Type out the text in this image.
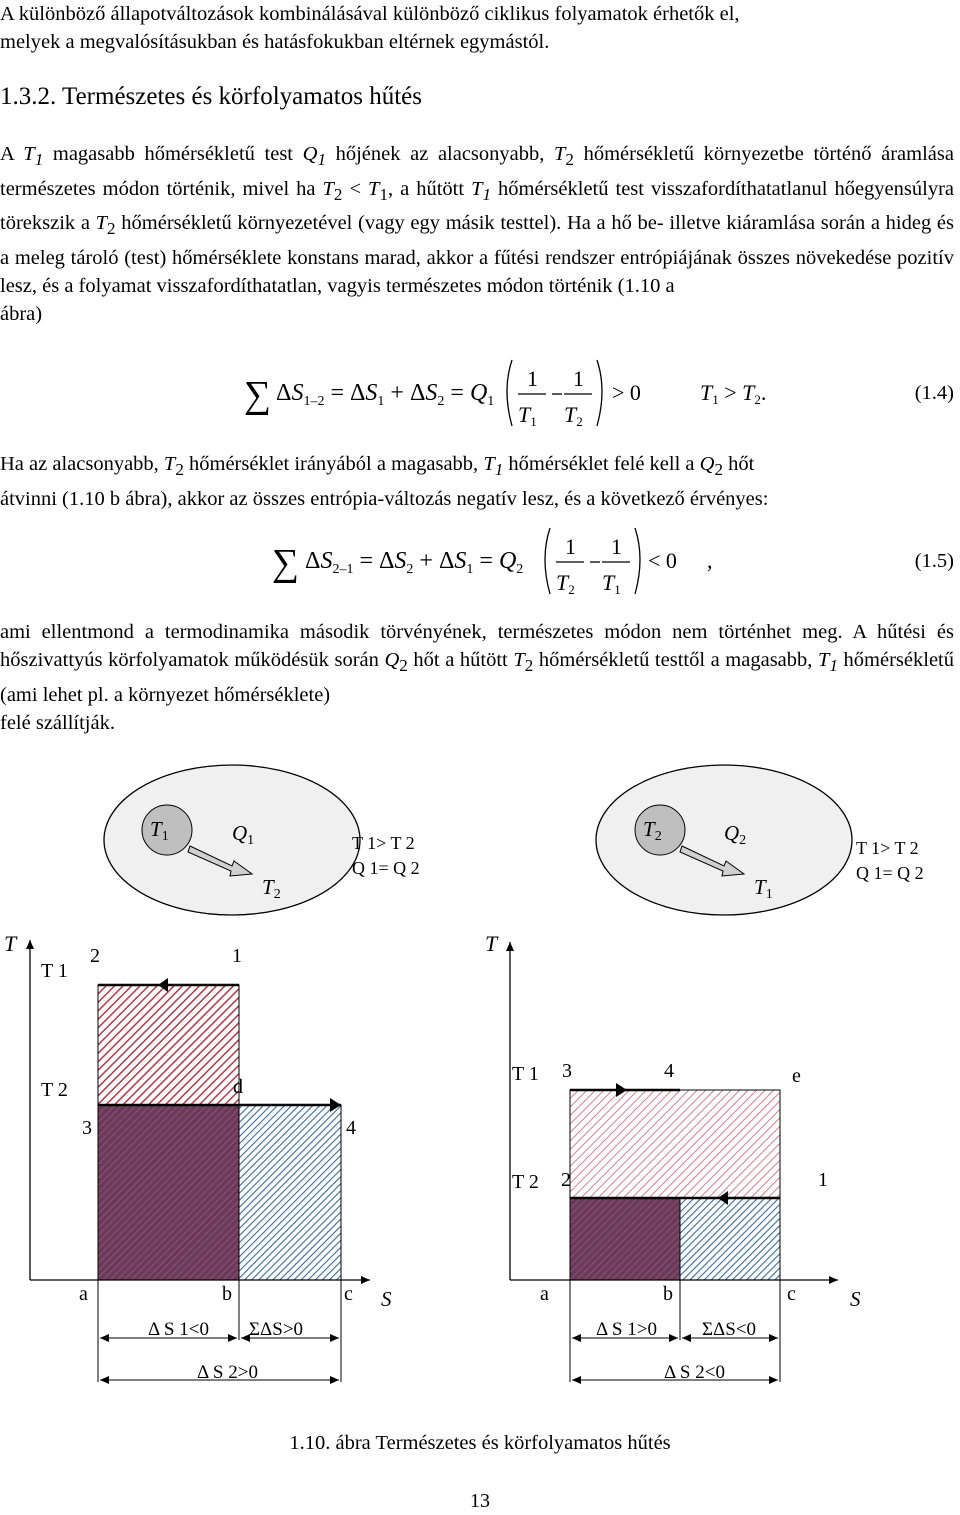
A különböző állapotváltozások kombinálásával különböző ciklikus folyamatok érhetők el,
melyek a megvalósításukban és hatásfokukban eltérnek egymástól.

1.3.2. Természetes és körfolyamatos hűtés

A $T_1$ magasabb hőmérsékletű test $Q_1$ hőjének az alacsonyabb, $T_2$ hőmérsékletű környezetbe történő áramlása természetes módon történik, mivel ha $T_2 < T_1$, a hűtött $T_1$ hőmérsékletű test visszafordíthatatlanul hőegyensúlyra törekszik a $T_2$ hőmérsékletű környezetével (vagy egy másik testtel). Ha a hő be- illetve kiáramlása során a hideg és a meleg tároló (test) hőmérséklete konstans marad, akkor a fűtési rendszer entrópiájának összes növekedése pozitív lesz, és a folyamat visszafordíthatatlan, vagyis természetes módon történik (1.10 a
ábra)

∑ $\Delta S_1-2 = \Delta S_1 + \Delta S_2 = Q_1$
1
T1
1
T2
> 0	T1 > T2.	(1.4)

Ha az alacsonyabb, $T_2$ hőmérséklet irányából a magasabb, $T_1$ hőmérséklet felé kell a $Q_2$ hőt
átvinni (1.10 b ábra), akkor az összes entrópia-változás negatív lesz, és a következő érvényes:

∑ $\Delta S_2-1 = \Delta S_2 + \Delta S_1 = Q_2$
1
T2
1
T1
< 0 ,	(1.5)

ami ellentmond a termodinamika második törvényének, természetes módon nem történhet meg. A hűtési és hőszivattyús körfolyamatok működésük során $Q_2$ hőt a hűtött $T_2$ hőmérsékletű testtől a magasabb, $T_1$ hőmérsékletű (ami lehet pl. a környezet hőmérséklete)
felé szállítják.

T1	Q1
T2
T 1> T 2
Q 1= Q 2
T
T 1
2	1
T 2	d
3	4
a	b	c S
Δ S 1<0 ΣΔS>0
Δ S 2>0
T2	Q2
T1
T 1> T 2
Q 1= Q 2
T
T 1 3	4	e
T 2 2	1
a	b	c	S
Δ S 1>0 ΣΔS<0
Δ S 2<0
1.10. ábra Természetes és körfolyamatos hűtés
13
